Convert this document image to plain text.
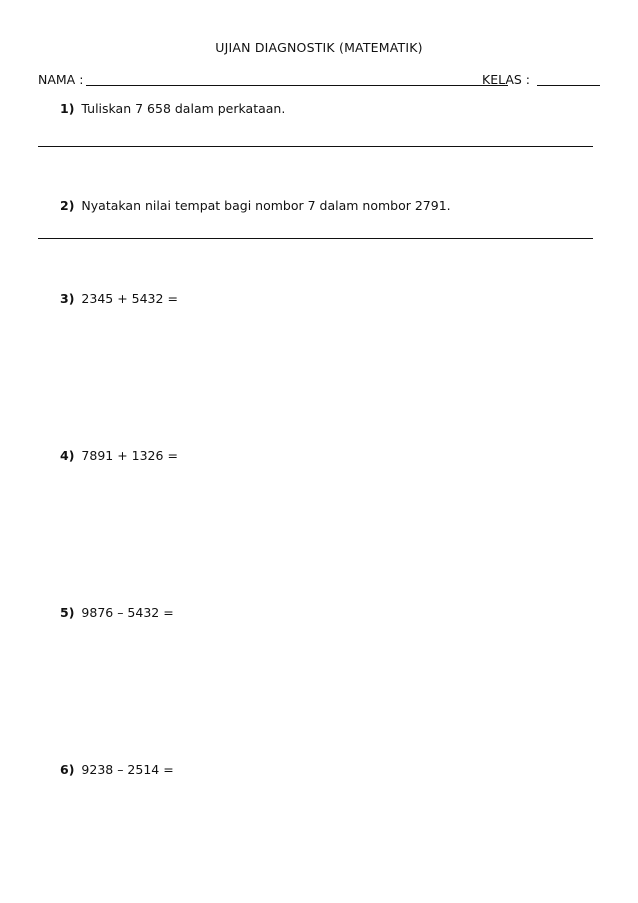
UJIAN DIAGNOSTIK (MATEMATIK)
NAMA :	KELAS :
1) Tuliskan 7 658 dalam perkataan.
2) Nyatakan nilai tempat bagi nombor 7 dalam nombor 2791.
3) 2345 + 5432 =
4) 7891 + 1326 =
5) 9876 – 5432 =
6) 9238 – 2514 =
